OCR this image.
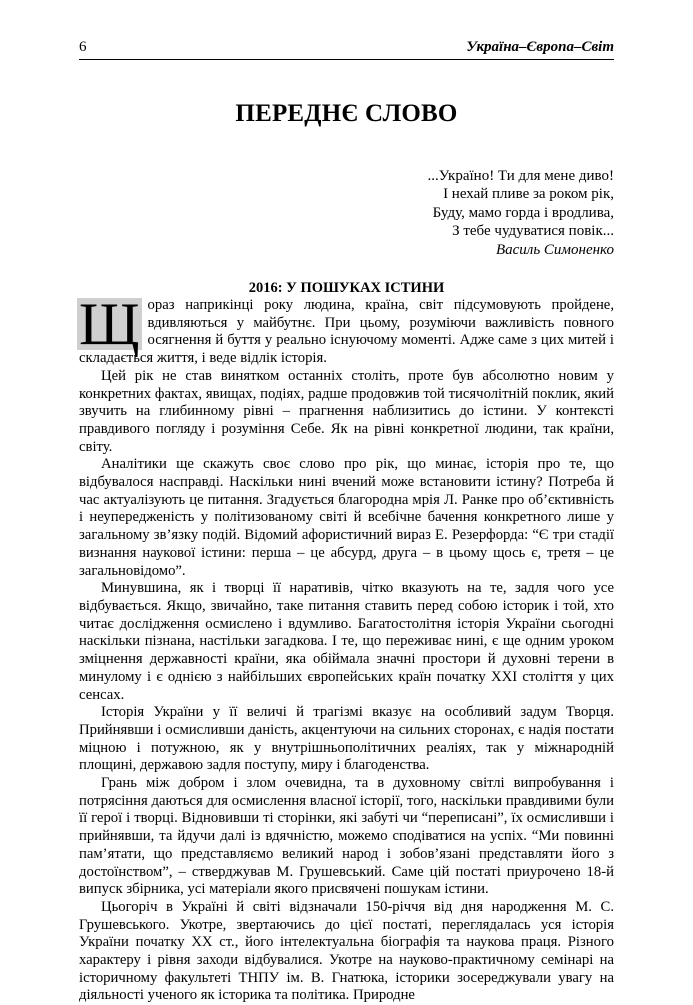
6	Україна–Європа–Світ
ПЕРЕДНЄ СЛОВО
...Україно! Ти для мене диво!
І нехай пливе за роком рік,
Буду, мамо горда і вродлива,
З тебе чудуватися повік...
Василь Симоненко
2016: У ПОШУКАХ ІСТИНИ

Щ ораз наприкінці року людина, країна, світ підсумовують пройдене, вдивляються у майбутнє. При цьому, розуміючи важливість повного осягнення й буття у реально існуючому моменті. Адже саме з цих митей і складається життя, і веде відлік історія.

Цей рік не став винятком останніх століть, проте був абсолютно новим у конкретних фактах, явищах, подіях, радше продовжив той тисячолітній поклик, який звучить на глибинному рівні – прагнення наблизитись до істини. У контексті правдивого погляду і розуміння Себе. Як на рівні конкретної людини, так країни, світу.

Аналітики ще скажуть своє слово про рік, що минає, історія про те, що відбувалося насправді. Наскільки нині вчений може встановити істину? Потреба й час актуалізують це питання. Згадується благородна мрія Л. Ранке про об’єктивність і неупередженість у політизованому світі й всебічне бачення конкретного лише у загальному зв’язку подій. Відомий афористичний вираз Е. Резерфорда: “Є три стадії визнання наукової істини: перша – це абсурд, друга – в цьому щось є, третя – це загальновідомо”.

Минувшина, як і творці її наративів, чітко вказують на те, задля чого усе відбувається. Якщо, звичайно, таке питання ставить перед собою історик і той, хто читає дослідження осмислено і вдумливо. Багатостолітня історія України сьогодні наскільки пізнана, настільки загадкова. І те, що переживає нині, є ще одним уроком зміцнення державності країни, яка обіймала значні простори й духовні терени в минулому і є однією з найбільших європейських країн початку ХХІ століття у цих сенсах.

Історія України у її величі й трагізмі вказує на особливий задум Творця. Прийнявши і осмисливши даність, акцентуючи на сильних сторонах, є надія постати міцною і потужною, як у внутрішньополітичних реаліях, так у міжнародній площині, державою задля поступу, миру і благоденства.

Грань між добром і злом очевидна, та в духовному світлі випробування і потрясіння даються для осмислення власної історії, того, наскільки правдивими були її герої і творці. Відновивши ті сторінки, які забуті чи “переписані”, їх осмисливши і прийнявши, та йдучи далі із вдячністю, можемо сподіватися на успіх. “Ми повинні пам’ятати, що представляємо великий народ і зобов’язані представляти його з достоїнством”, – стверджував М. Грушевський. Саме цій постаті приурочено 18-й випуск збірника, усі матеріали якого присвячені пошукам істини.

Цьогоріч в Україні й світі відзначали 150-річчя від дня народження М. С. Грушевського. Укотре, звертаючись до цієї постаті, переглядалась уся історія України початку ХХ ст., його інтелектуальна біографія та наукова праця. Різного характеру і рівня заходи відбувалися. Укотре на науково-практичному семінарі на історичному факультеті ТНПУ ім. В. Гнатюка, історики зосереджували увагу на діяльності ученого як історика та політика. Природне
